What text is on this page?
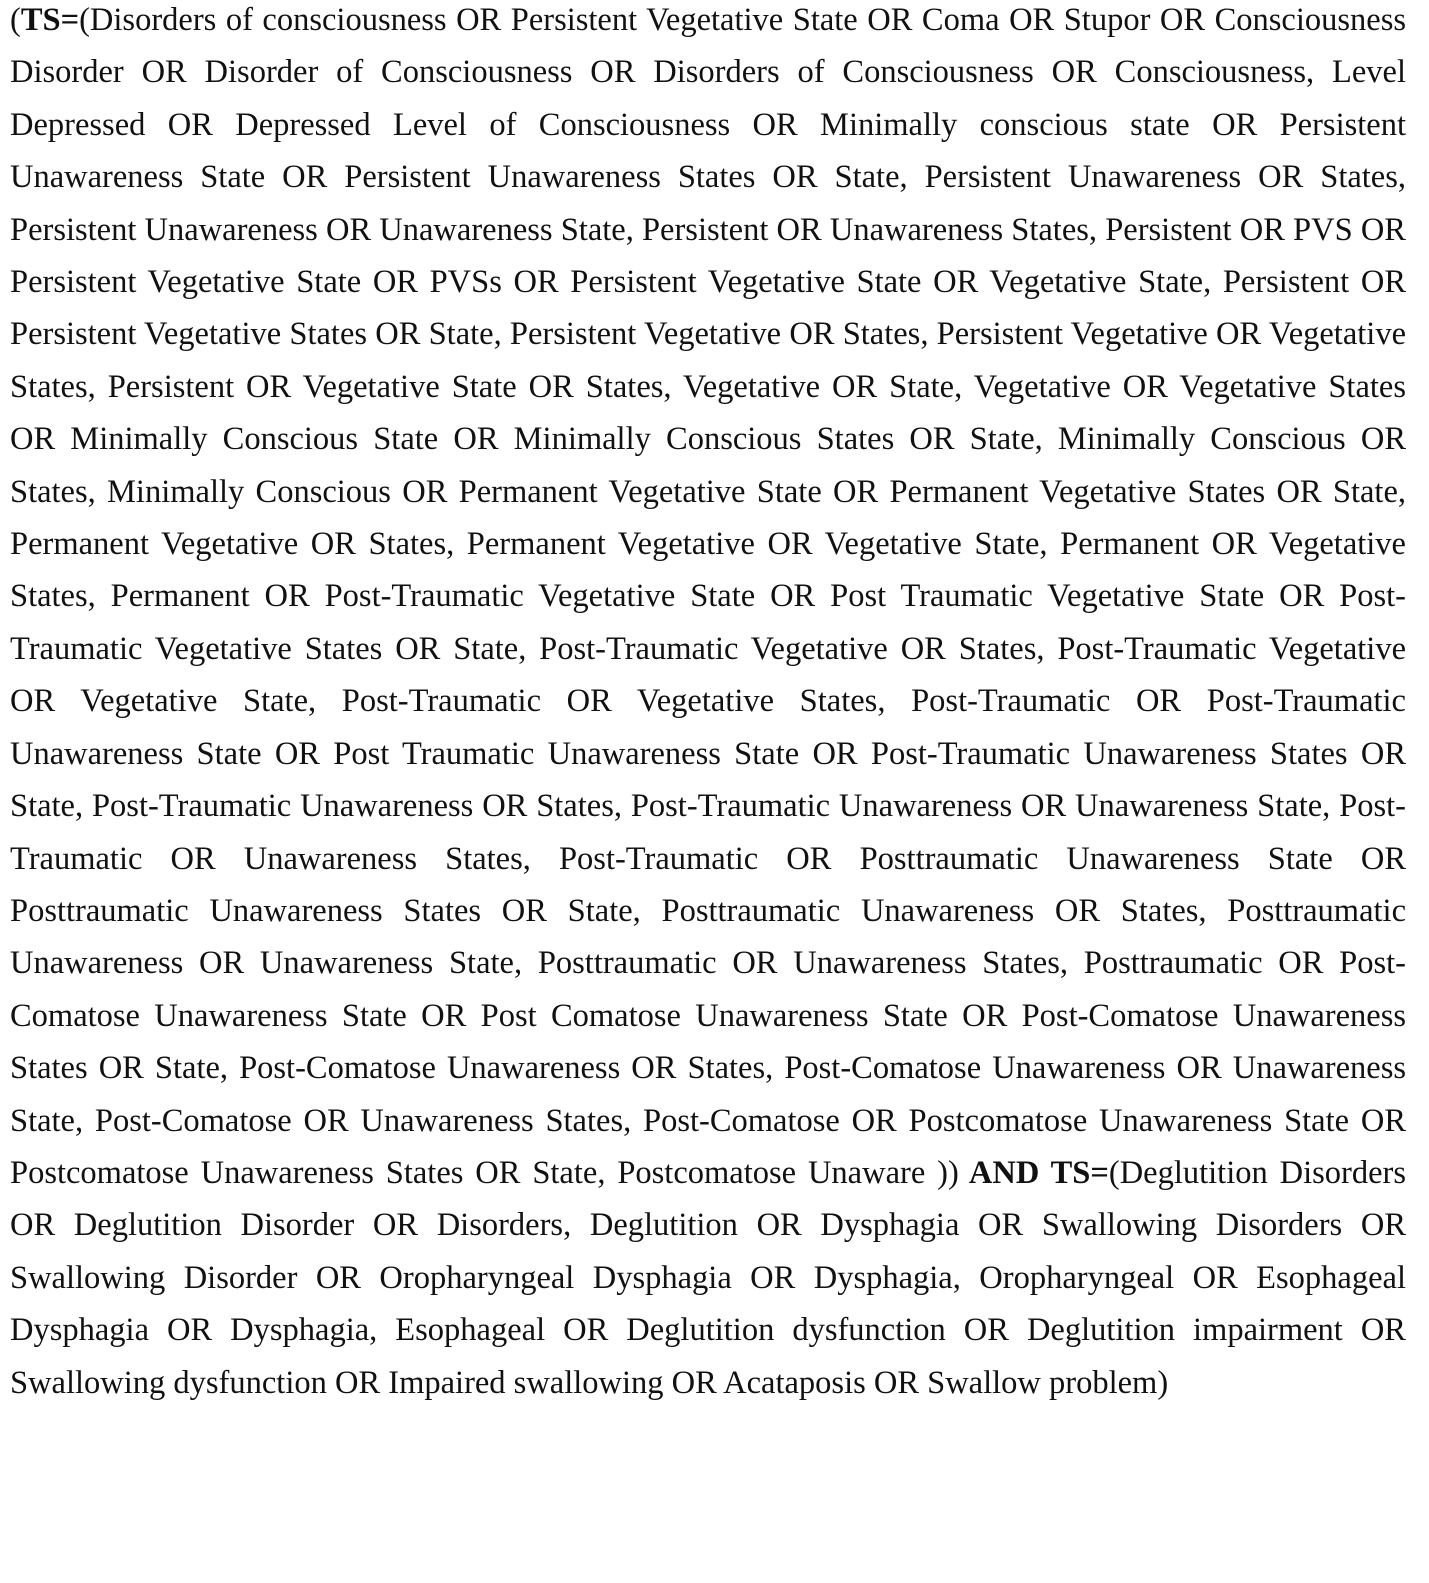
(TS=(Disorders of consciousness OR Persistent Vegetative State OR Coma OR Stupor OR Consciousness Disorder OR Disorder of Consciousness OR Disorders of Consciousness OR Consciousness, Level Depressed OR Depressed Level of Consciousness OR Minimally conscious state OR Persistent Unawareness State OR Persistent Unawareness States OR State, Persistent Unawareness OR States, Persistent Unawareness OR Unawareness State, Persistent OR Unawareness States, Persistent OR PVS OR Persistent Vegetative State OR PVSs OR Persistent Vegetative State OR Vegetative State, Persistent OR Persistent Vegetative States OR State, Persistent Vegetative OR States, Persistent Vegetative OR Vegetative States, Persistent OR Vegetative State OR States, Vegetative OR State, Vegetative OR Vegetative States OR Minimally Conscious State OR Minimally Conscious States OR State, Minimally Conscious OR States, Minimally Conscious OR Permanent Vegetative State OR Permanent Vegetative States OR State, Permanent Vegetative OR States, Permanent Vegetative OR Vegetative State, Permanent OR Vegetative States, Permanent OR Post-Traumatic Vegetative State OR Post Traumatic Vegetative State OR Post-Traumatic Vegetative States OR State, Post-Traumatic Vegetative OR States, Post-Traumatic Vegetative OR Vegetative State, Post-Traumatic OR Vegetative States, Post-Traumatic OR Post-Traumatic Unawareness State OR Post Traumatic Unawareness State OR Post-Traumatic Unawareness States OR State, Post-Traumatic Unawareness OR States, Post-Traumatic Unawareness OR Unawareness State, Post-Traumatic OR Unawareness States, Post-Traumatic OR Posttraumatic Unawareness State OR Posttraumatic Unawareness States OR State, Posttraumatic Unawareness OR States, Posttraumatic Unawareness OR Unawareness State, Posttraumatic OR Unawareness States, Posttraumatic OR Post-Comatose Unawareness State OR Post Comatose Unawareness State OR Post-Comatose Unawareness States OR State, Post-Comatose Unawareness OR States, Post-Comatose Unawareness OR Unawareness State, Post-Comatose OR Unawareness States, Post-Comatose OR Postcomatose Unawareness State OR Postcomatose Unawareness States OR State, Postcomatose Unaware )) AND TS=(Deglutition Disorders OR Deglutition Disorder OR Disorders, Deglutition OR Dysphagia OR Swallowing Disorders OR Swallowing Disorder OR Oropharyngeal Dysphagia OR Dysphagia, Oropharyngeal OR Esophageal Dysphagia OR Dysphagia, Esophageal OR Deglutition dysfunction OR Deglutition impairment OR Swallowing dysfunction OR Impaired swallowing OR Acataposis OR Swallow problem)
